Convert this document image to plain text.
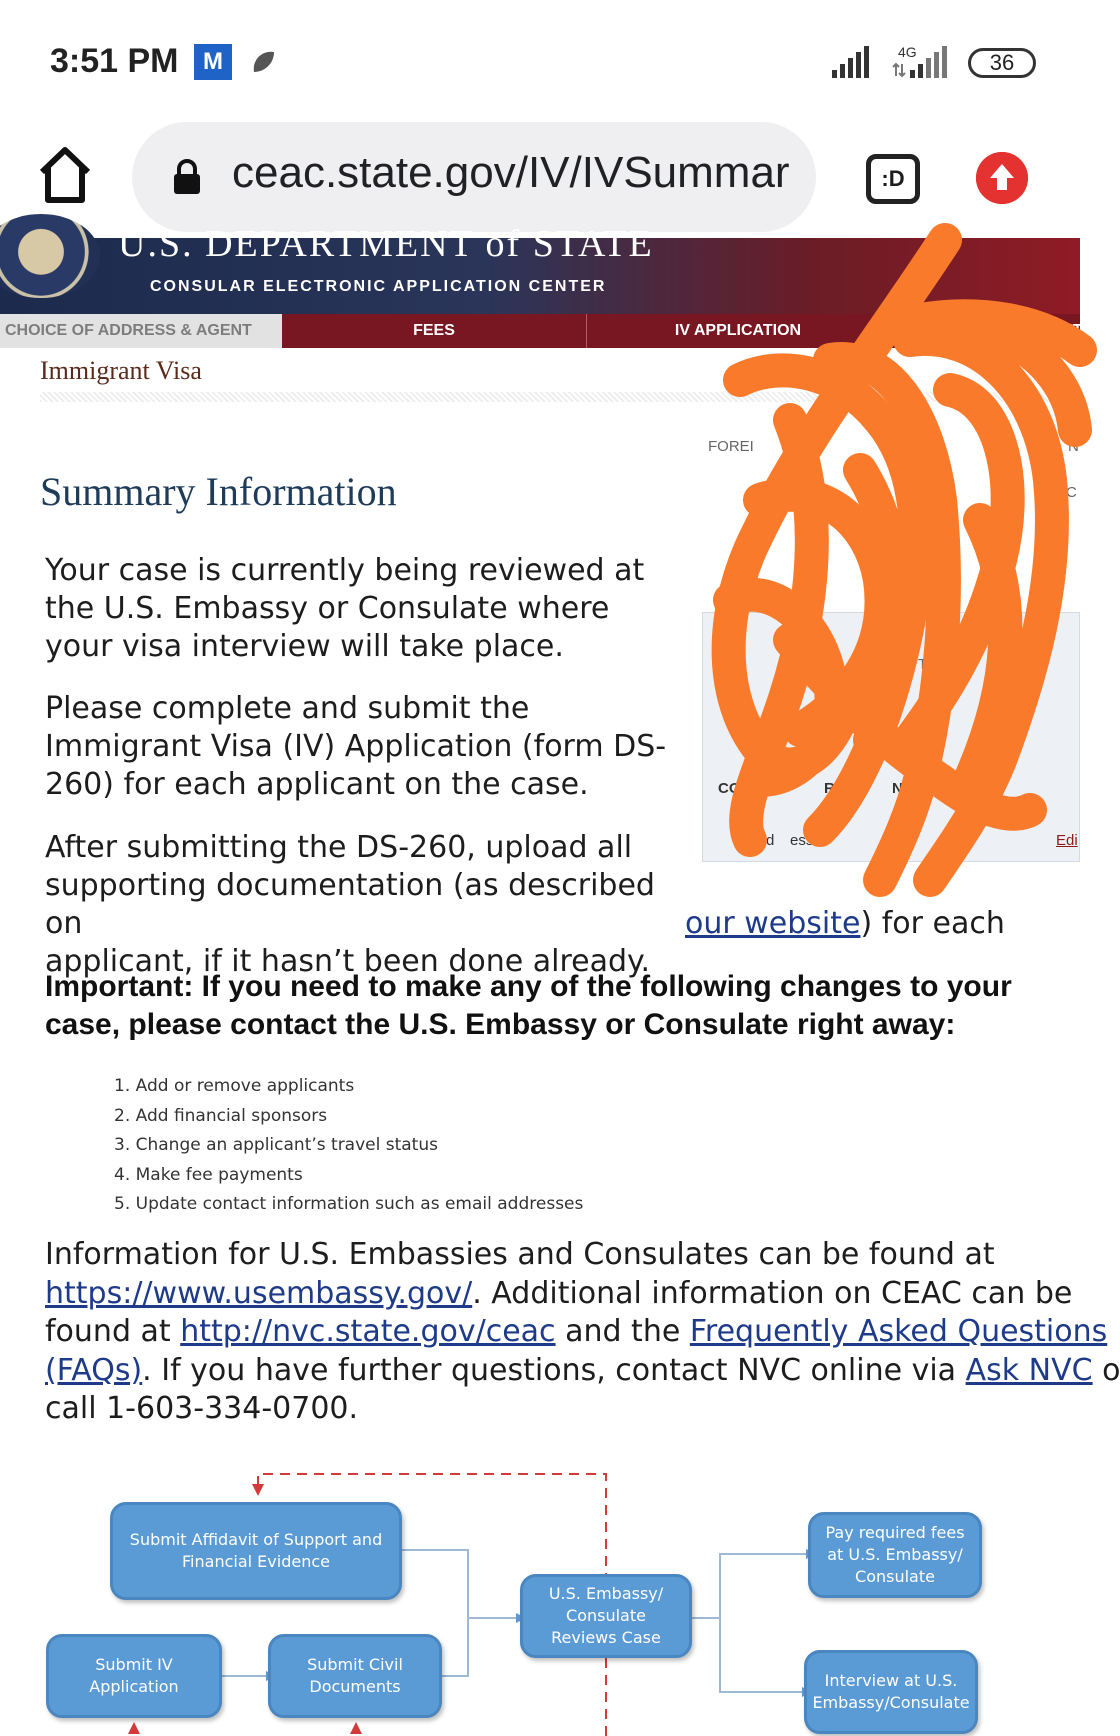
3:51 PM	M	4G	36
ceac.state.gov/IV/IVSummar	:D
U.S. DEPARTMENT of STATE
CONSULAR ELECTRONIC APPLICATION CENTER
CHOICE OF ADDRESS & AGENT	FEES	IV APPLICATION	DOCUMENT
Immigrant Visa
FOREI	N
C
TO
CO	RMAT N
d esses	Edi
Summary Information
Your case is currently being reviewed at the U.S. Embassy or Consulate where your visa interview will take place.
Please complete and submit the Immigrant Visa (IV) Application (form DS-260) for each applicant on the case.
After submitting the DS-260, upload all supporting documentation (as described on	our website) for each applicant, if it hasn’t been done already.
Important: If you need to make any of the following changes to your case, please contact the U.S. Embassy or Consulate right away:
1. Add or remove applicants
2. Add financial sponsors
3. Change an applicant’s travel status
4. Make fee payments
5. Update contact information such as email addresses
Information for U.S. Embassies and Consulates can be found at
https://www.usembassy.gov/. Additional information on CEAC can be
found at http://nvc.state.gov/ceac and the Frequently Asked Questions
(FAQs). If you have further questions, contact NVC online via Ask NVC o
call 1-603-334-0700.
Submit Affidavit of Support and Financial Evidence
Submit IV Application
Submit Civil Documents
U.S. Embassy/ Consulate Reviews Case
Pay required fees at U.S. Embassy/ Consulate
Interview at U.S. Embassy/Consulate
